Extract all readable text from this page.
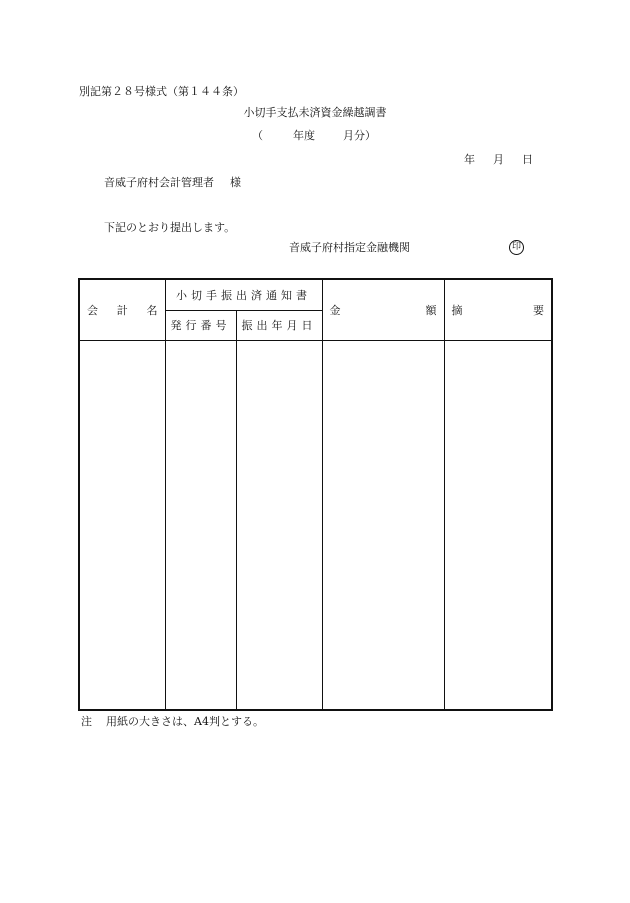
別記第２８号様式（第１４４条）
小切手支払未済資金繰越調書
（	年度	月分）
年 月 日
音威子府村会計管理者 様
下記のとおり提出します。
音威子府村指定金融機関	印
会　計　名	小切手振出済通知書		金　　額	摘　　要
	発行番号	振出年月日		

注 用紙の大きさは、A4判とする。
